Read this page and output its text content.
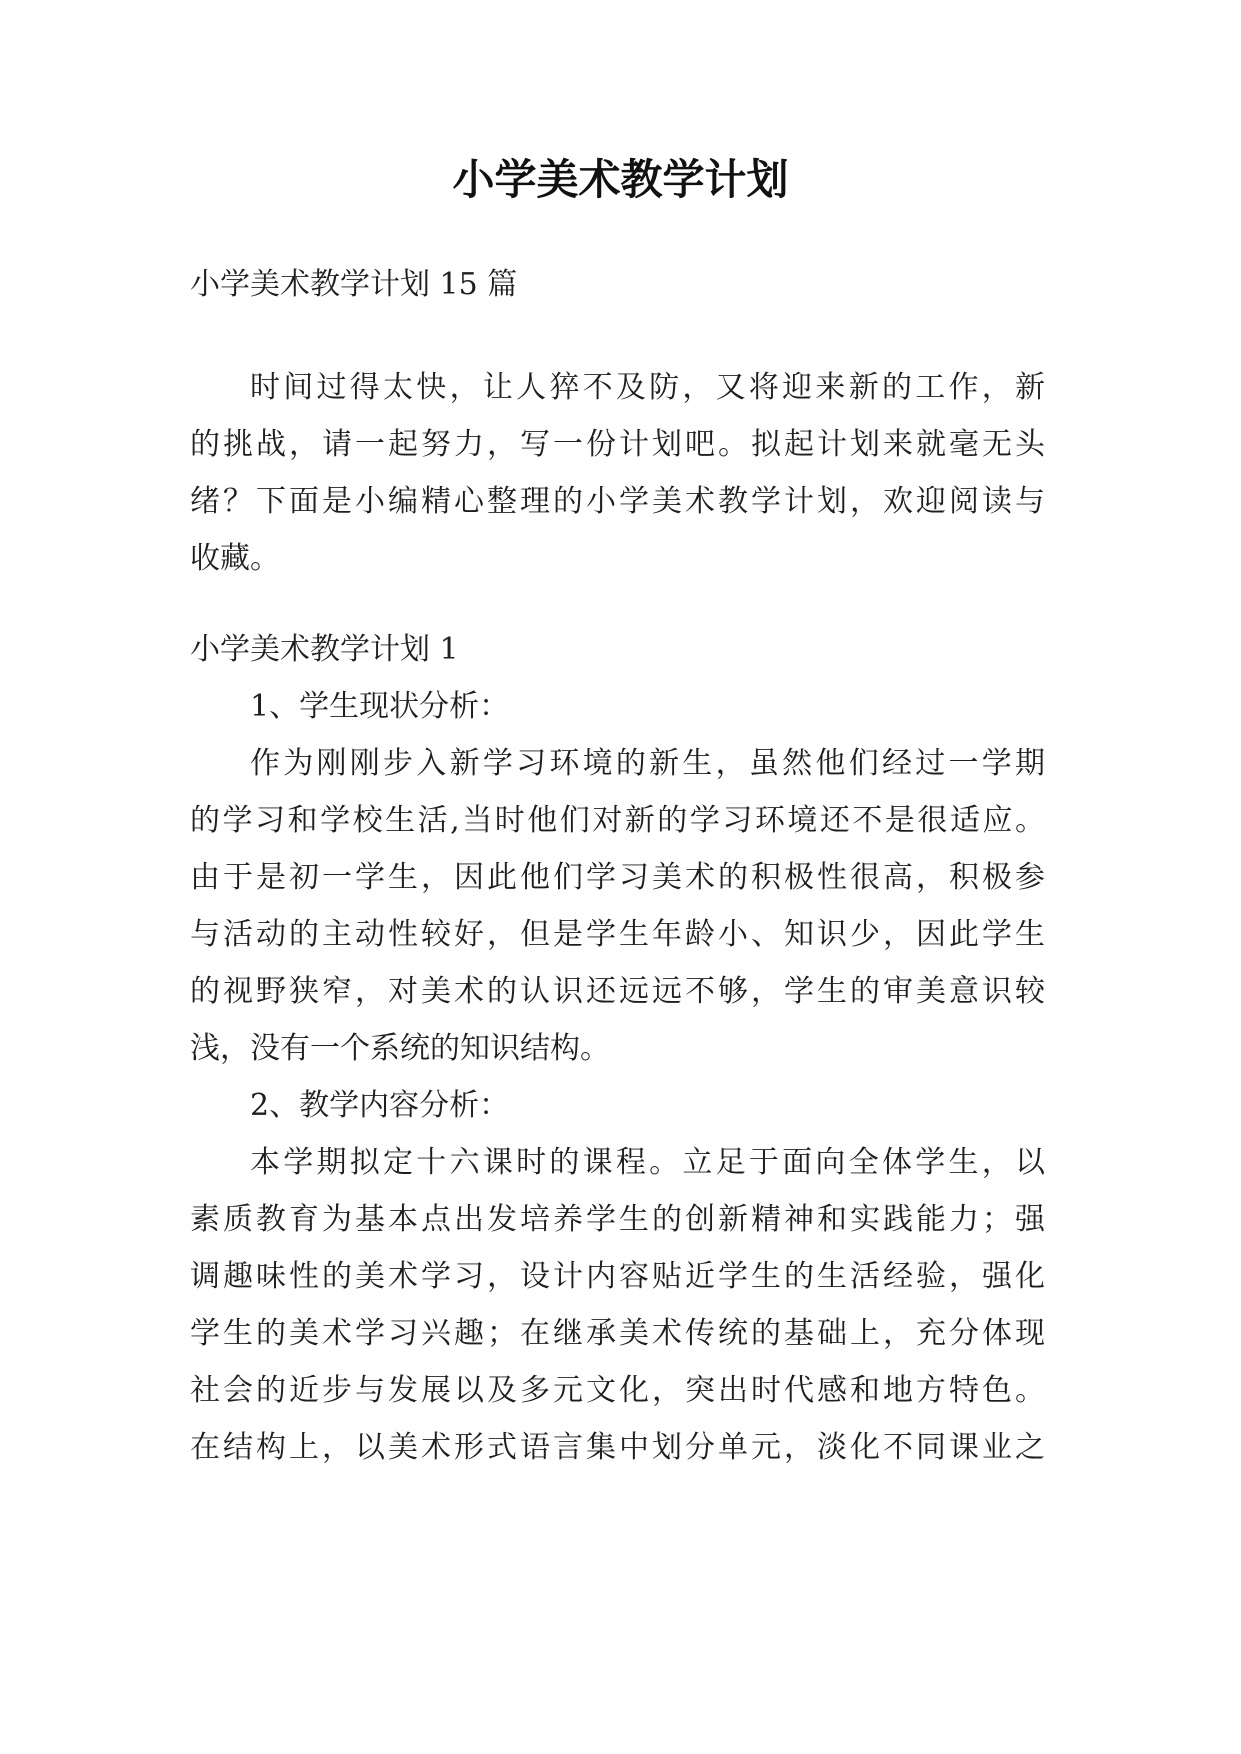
小学美术教学计划
小学美术教学计划 15 篇
时间过得太快，让人猝不及防，又将迎来新的工作，新
的挑战，请一起努力，写一份计划吧。拟起计划来就毫无头
绪？下面是小编精心整理的小学美术教学计划，欢迎阅读与
收藏。
小学美术教学计划 1
1、学生现状分析：
作为刚刚步入新学习环境的新生，虽然他们经过一学期
的学习和学校生活,当时他们对新的学习环境还不是很适应。
由于是初一学生，因此他们学习美术的积极性很高，积极参
与活动的主动性较好，但是学生年龄小、知识少，因此学生
的视野狭窄，对美术的认识还远远不够，学生的审美意识较
浅，没有一个系统的知识结构。
2、教学内容分析：
本学期拟定十六课时的课程。立足于面向全体学生，以
素质教育为基本点出发培养学生的创新精神和实践能力；强
调趣味性的美术学习，设计内容贴近学生的生活经验，强化
学生的美术学习兴趣；在继承美术传统的基础上，充分体现
社会的近步与发展以及多元文化，突出时代感和地方特色。
在结构上，以美术形式语言集中划分单元，淡化不同课业之
